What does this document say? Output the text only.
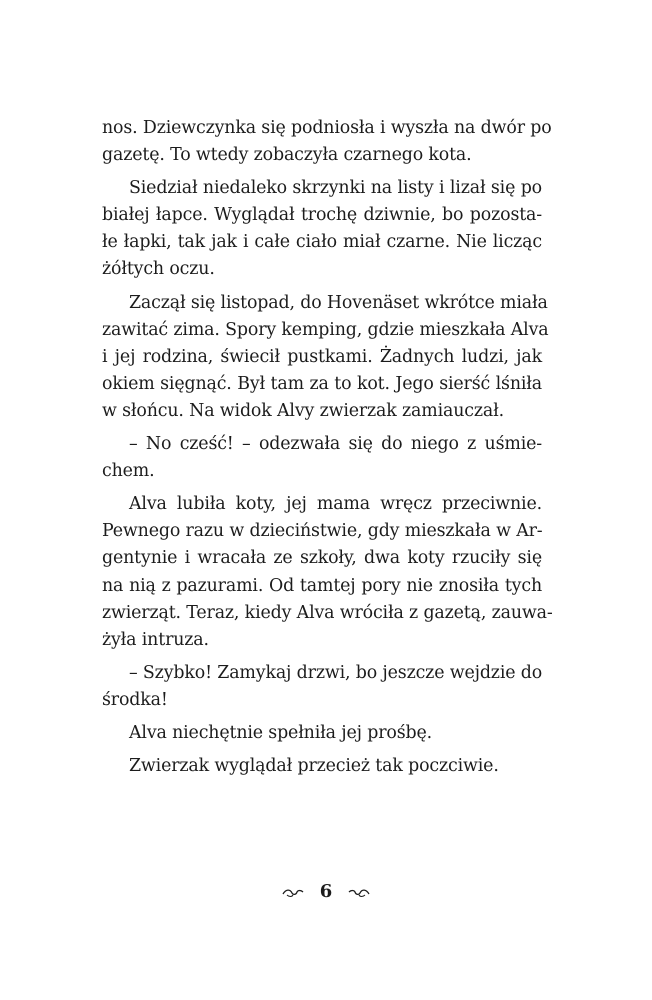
nos. Dziewczynka się podniosła i wyszła na dwór po
gazetę. To wtedy zobaczyła czarnego kota.
Siedział niedaleko skrzynki na listy i lizał się po
białej łapce. Wyglądał trochę dziwnie, bo pozosta-
łe łapki, tak jak i całe ciało miał czarne. Nie licząc
żółtych oczu.
Zaczął się listopad, do Hovenäset wkrótce miała
zawitać zima. Spory kemping, gdzie mieszkała Alva
i jej rodzina, świecił pustkami. Żadnych ludzi, jak
okiem sięgnąć. Był tam za to kot. Jego sierść lśniła
w słońcu. Na widok Alvy zwierzak zamiauczał.
– No cześć! – odezwała się do niego z uśmie-
chem.
Alva lubiła koty, jej mama wręcz przeciwnie.
Pewnego razu w dzieciństwie, gdy mieszkała w Ar-
gentynie i wracała ze szkoły, dwa koty rzuciły się
na nią z pazurami. Od tamtej pory nie znosiła tych
zwierząt. Teraz, kiedy Alva wróciła z gazetą, zauwa-
żyła intruza.
– Szybko! Zamykaj drzwi, bo jeszcze wejdzie do
środka!
Alva niechętnie spełniła jej prośbę.
Zwierzak wyglądał przecież tak poczciwie.
6
